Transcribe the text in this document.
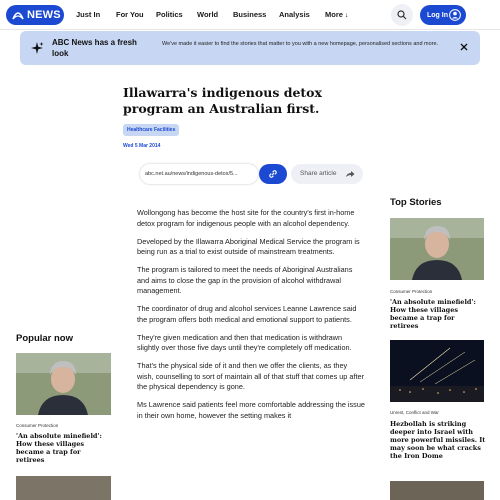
NEWS Just In For You Politics World Business Analysis More ↓	Log In
ABC News has a fresh look
We've made it easier to find the stories that matter to you with a new homepage, personalised sections and more.
Illawarra's indigenous detox program an Australian first.
Healthcare Facilities
Wed 5 Mar 2014
abc.net.au/news/indigenous-detox/5...	Share article

Wollongong has become the host site for the country's first in-home detox program for indigenous people with an alcohol dependency.

Developed by the Illawarra Aboriginal Medical Service the program is being run as a trial to exist outside of mainstream treatments.

The program is tailored to meet the needs of Aboriginal Australians and aims to close the gap in the provision of alcohol withdrawal management.

The coordinator of drug and alcohol services Leanne Lawrence said the program offers both medical and emotional support to patients.

They're given medication and then that medication is withdrawn slightly over those five days until they're completely off medication.

That's the physical side of it and then we offer the clients, as they wish, counselling to sort of maintain all of that stuff that comes up after the physical dependency is gone.

Ms Lawrence said patients feel more comfortable addressing the issue in their own home, however the setting makes it

Popular now
Consumer Protection
'An absolute minefield': How these villages became a trap for retirees
Top Stories
Consumer Protection
'An absolute minefield': How these villages became a trap for retirees
Unrest, Conflict and War
Hezbollah is striking deeper into Israel with more powerful missiles. It may soon be what cracks the Iron Dome
